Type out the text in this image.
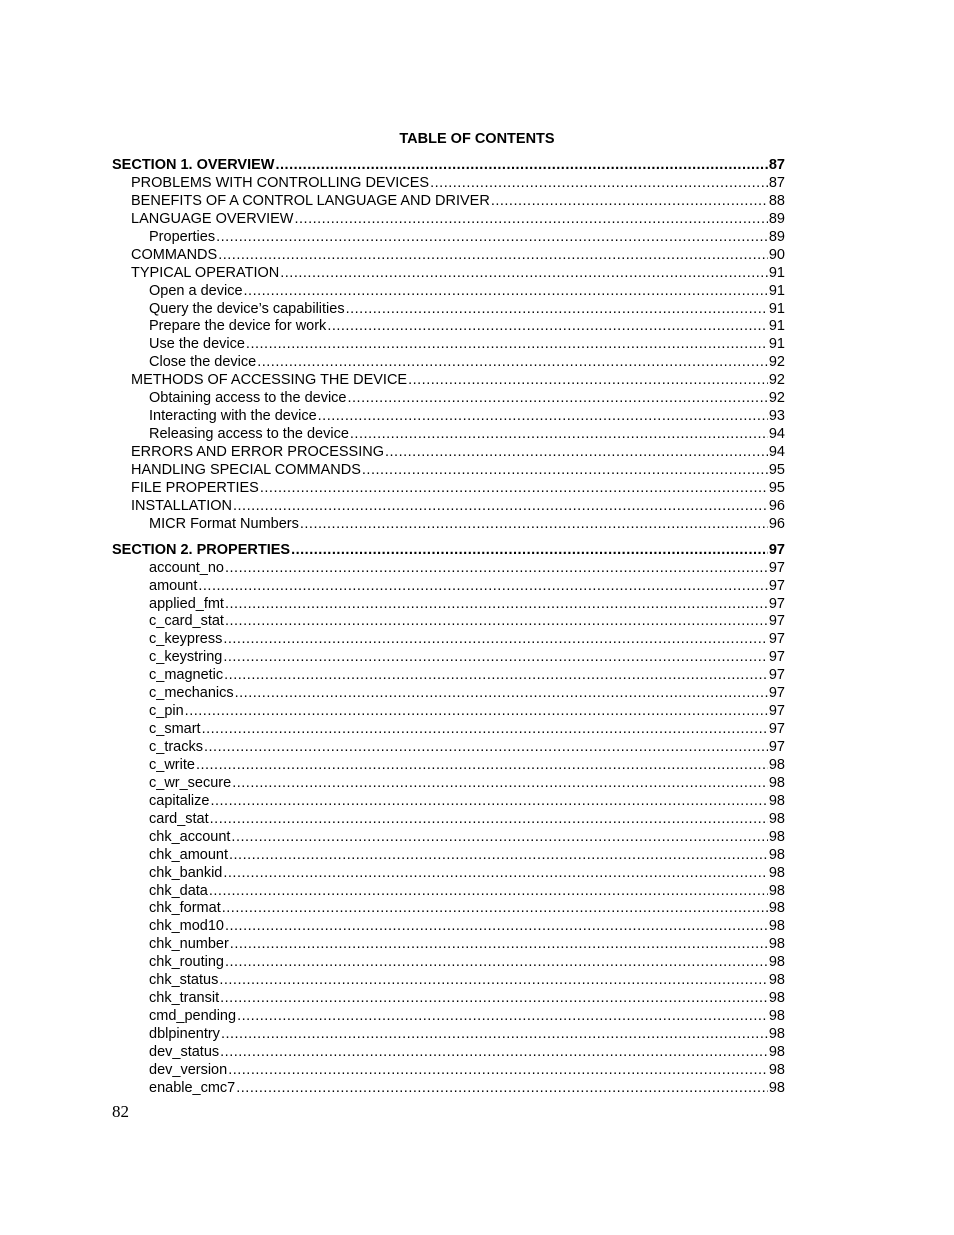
TABLE OF CONTENTS
SECTION 1. OVERVIEW .....	87
PROBLEMS WITH CONTROLLING DEVICES .....	87
BENEFITS OF A CONTROL LANGUAGE AND DRIVER .....	88
LANGUAGE OVERVIEW .....	89
Properties .....	89
COMMANDS .....	90
TYPICAL OPERATION .....	91
Open a device .....	91
Query the device’s capabilities .....	91
Prepare the device for work .....	91
Use the device .....	91
Close the device .....	92
METHODS OF ACCESSING THE DEVICE .....	92
Obtaining access to the device .....	92
Interacting with the device .....	93
Releasing access to the device .....	94
ERRORS AND ERROR PROCESSING .....	94
HANDLING SPECIAL COMMANDS .....	95
FILE PROPERTIES .....	95
INSTALLATION .....	96
MICR Format Numbers .....	96
SECTION 2. PROPERTIES .....	97
account_no .....	97
amount .....	97
applied_fmt .....	97
c_card_stat .....	97
c_keypress .....	97
c_keystring .....	97
c_magnetic .....	97
c_mechanics .....	97
c_pin .....	97
c_smart .....	97
c_tracks .....	97
c_write .....	98
c_wr_secure .....	98
capitalize .....	98
card_stat .....	98
chk_account .....	98
chk_amount .....	98
chk_bankid .....	98
chk_data .....	98
chk_format .....	98
chk_mod10 .....	98
chk_number .....	98
chk_routing .....	98
chk_status .....	98
chk_transit .....	98
cmd_pending .....	98
dblpinentry .....	98
dev_status .....	98
dev_version .....	98
enable_cmc7 .....	98
82
